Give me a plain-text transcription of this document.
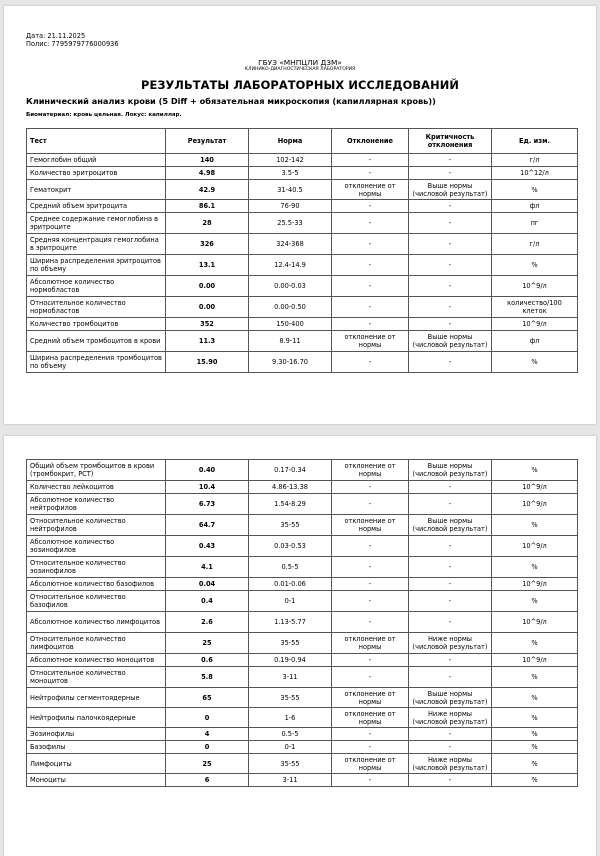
Дата: 21.11.2025
Полис: 7795979776000936
ГБУЗ «МНПЦЛИ ДЗМ»
КЛИНИКО-ДИАГНОСТИЧЕСКАЯ ЛАБОРАТОРИЯ
РЕЗУЛЬТАТЫ ЛАБОРАТОРНЫХ ИССЛЕДОВАНИЙ
Клинический анализ крови (5 Diff + обязательная микроскопия (капиллярная кровь))
Биоматериал: кровь цельная. Локус: капилляр.
Тест	Результат	Норма	Отклонение	Критичность отклонения	Ед. изм.
Гемоглобин общий	140	102-142	-	-	г/л
Количество эритроцитов	4.98	3.5-5	-	-	10^12/л
Гематокрит	42.9	31-40.5	отклонение от нормы	Выше нормы (числовой результат)	%
Средний объем эритроцита	86.1	76-90	-	-	фл
Среднее содержание гемоглобина в эритроците	28	25.5-33	-	-	пг
Средняя концентрация гемоглобина в эритроците	326	324-368	-	-	г/л
Ширина распределения эритроцитов по объему	13.1	12.4-14.9	-	-	%
Абсолютное количество нормобластов	0.00	0.00-0.03	-	-	10^9/л
Относительное количество нормобластов	0.00	0.00-0.50	-	-	количество/100 клеток
Количество тромбоцитов	352	150-400	-	-	10^9/л
Средний объем тромбоцитов в крови	11.3	8.9-11	отклонение от нормы	Выше нормы (числовой результат)	фл
Ширина распределения тромбоцитов по объему	15.90	9.30-16.70	-	-	%
Общий объем тромбоцитов в крови (тромбокрит, PCT)	0.40	0.17-0.34	отклонение от нормы	Выше нормы (числовой результат)	%
Количество лейкоцитов	10.4	4.86-13.38	-	-	10^9/л
Абсолютное количество нейтрофилов	6.73	1.54-8.29	-	-	10^9/л
Относительное количество нейтрофилов	64.7	35-55	отклонение от нормы	Выше нормы (числовой результат)	%
Абсолютное количество эозинофилов	0.43	0.03-0.53	-	-	10^9/л
Относительное количество эозинофилов	4.1	0.5-5	-	-	%
Абсолютное количество базофилов	0.04	0.01-0.06	-	-	10^9/л
Относительное количество базофилов	0.4	0-1	-	-	%
Абсолютное количество лимфоцитов	2.6	1.13-5.77	-	-	10^9/л
Относительное количество лимфоцитов	25	35-55	отклонение от нормы	Ниже нормы (числовой результат)	%
Абсолютное количество моноцитов	0.6	0.19-0.94	-	-	10^9/л
Относительное количество моноцитов	5.8	3-11	-	-	%
Нейтрофилы сегментоядерные	65	35-55	отклонение от нормы	Выше нормы (числовой результат)	%
Нейтрофилы палочкоядерные	0	1-6	отклонение от нормы	Ниже нормы (числовой результат)	%
Эозинофилы	4	0.5-5	-	-	%
Базофилы	0	0-1	-	-	%
Лимфоциты	25	35-55	отклонение от нормы	Ниже нормы (числовой результат)	%
Моноциты	6	3-11	-	-	%
